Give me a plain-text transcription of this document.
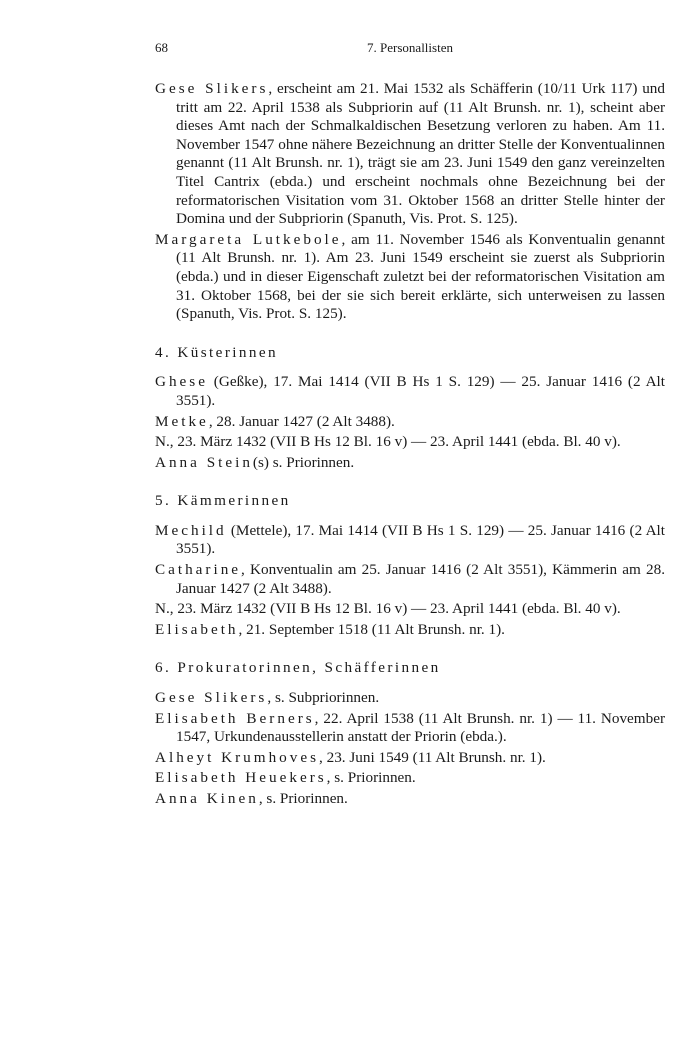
68	7. Personallisten

Gese Slikers, erscheint am 21. Mai 1532 als Schäfferin (10/11 Urk 117) und tritt am 22. April 1538 als Subpriorin auf (11 Alt Brunsh. nr. 1), scheint aber dieses Amt nach der Schmalkaldischen Besetzung verloren zu haben. Am 11. November 1547 ohne nähere Bezeichnung an dritter Stelle der Konventualinnen genannt (11 Alt Brunsh. nr. 1), trägt sie am 23. Juni 1549 den ganz vereinzelten Titel Cantrix (ebda.) und erscheint nochmals ohne Bezeichnung bei der reformatorischen Visitation vom 31. Oktober 1568 an dritter Stelle hinter der Domina und der Subpriorin (Spanuth, Vis. Prot. S. 125).

Margareta Lutkebole, am 11. November 1546 als Konventualin genannt (11 Alt Brunsh. nr. 1). Am 23. Juni 1549 erscheint sie zuerst als Subpriorin (ebda.) und in dieser Eigenschaft zuletzt bei der reformatorischen Visitation am 31. Oktober 1568, bei der sie sich bereit erklärte, sich unterweisen zu lassen (Spanuth, Vis. Prot. S. 125).

4. Küsterinnen

Ghese (Geßke), 17. Mai 1414 (VII B Hs 1 S. 129) — 25. Januar 1416 (2 Alt 3551).

Metke, 28. Januar 1427 (2 Alt 3488).

N., 23. März 1432 (VII B Hs 12 Bl. 16 v) — 23. April 1441 (ebda. Bl. 40 v).

Anna Stein(s) s. Priorinnen.

5. Kämmerinnen

Mechild (Mettele), 17. Mai 1414 (VII B Hs 1 S. 129) — 25. Januar 1416 (2 Alt 3551).

Catharine, Konventualin am 25. Januar 1416 (2 Alt 3551), Kämmerin am 28. Januar 1427 (2 Alt 3488).

N., 23. März 1432 (VII B Hs 12 Bl. 16 v) — 23. April 1441 (ebda. Bl. 40 v).

Elisabeth, 21. September 1518 (11 Alt Brunsh. nr. 1).

6. Prokuratorinnen, Schäfferinnen

Gese Slikers, s. Subpriorinnen.

Elisabeth Berners, 22. April 1538 (11 Alt Brunsh. nr. 1) — 11. November 1547, Urkundenausstellerin anstatt der Priorin (ebda.).

Alheyt Krumhoves, 23. Juni 1549 (11 Alt Brunsh. nr. 1).

Elisabeth Heuekers, s. Priorinnen.

Anna Kinen, s. Priorinnen.
